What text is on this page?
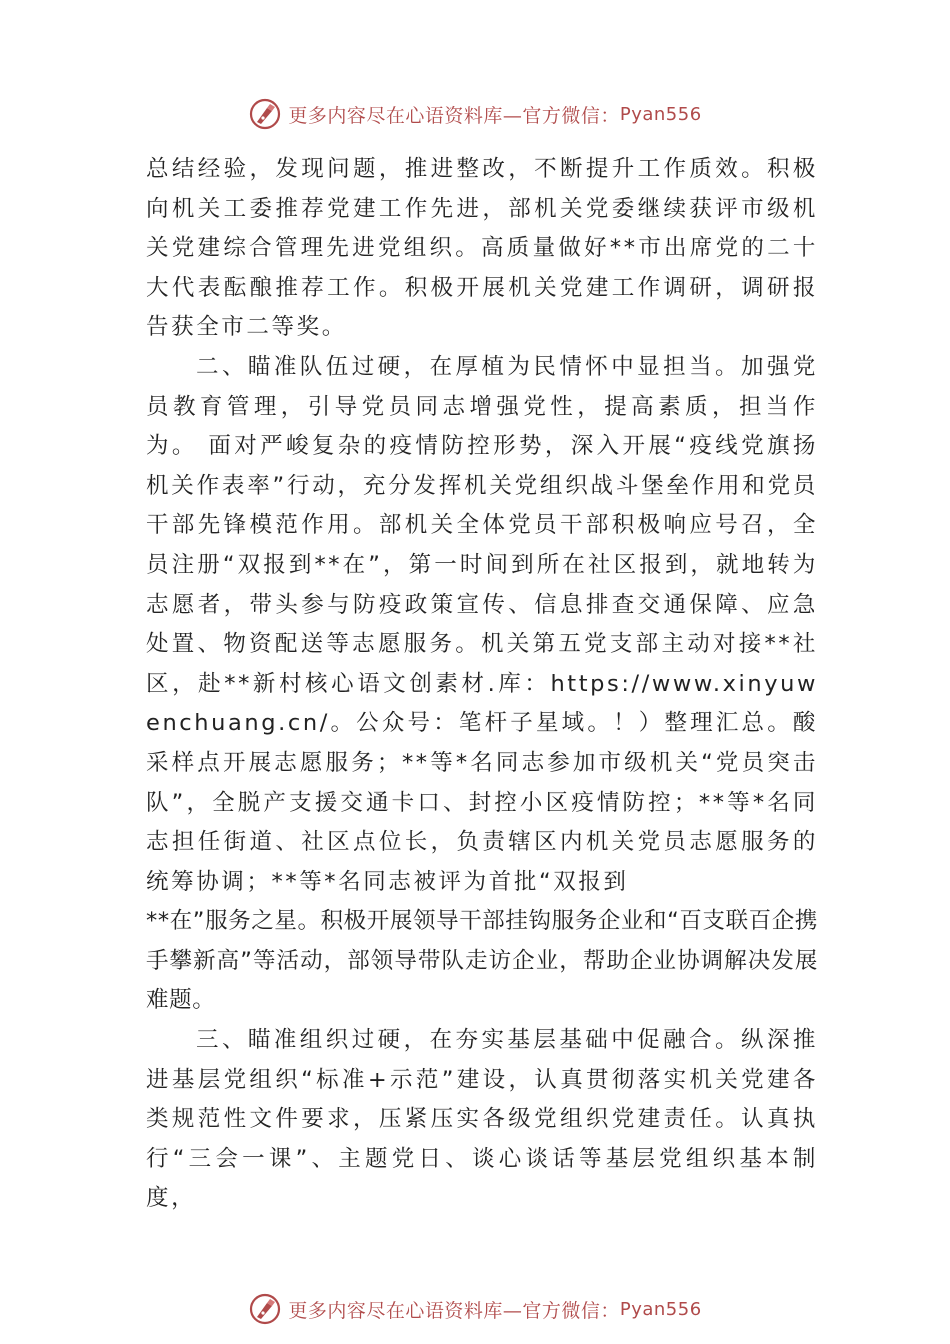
更多内容尽在心语资料库—官方微信： Pyan556

总结经验，发现问题，推进整改，不断提升工作质效。积极向机关工委推荐党建工作先进，部机关党委继续获评市级机关党建综合管理先进党组织。高质量做好**市出席党的二十大代表酝酿推荐工作。积极开展机关党建工作调研，调研报告获全市二等奖。

二、瞄准队伍过硬，在厚植为民情怀中显担当。加强党员教育管理，引导党员同志增强党性，提高素质，担当作为。 面对严峻复杂的疫情防控形势，深入开展“疫线党旗扬机关作表率”行动，充分发挥机关党组织战斗堡垒作用和党员干部先锋模范作用。部机关全体党员干部积极响应号召，全员注册“双报到**在”，第一时间到所在社区报到，就地转为志愿者，带头参与防疫政策宣传、信息排查交通保障、应急处置、物资配送等志愿服务。机关第五党支部主动对接**社区，赴**新村核心语文创素材.库：https://www.xinyuwenchuang.cn/。公众号：笔杆子星域。！）整理汇总。酸采样点开展志愿服务；**等*名同志参加市级机关“党员突击队”，全脱产支援交通卡口、封控小区疫情防控；**等*名同志担任街道、社区点位长，负责辖区内机关党员志愿服务的统筹协调；**等*名同志被评为首批“双报到

**在”服务之星。积极开展领导干部挂钩服务企业和“百支联百企携手攀新高”等活动，部领导带队走访企业，帮助企业协调解决发展难题。

三、瞄准组织过硬，在夯实基层基础中促融合。纵深推进基层党组织“标准+示范”建设，认真贯彻落实机关党建各类规范性文件要求，压紧压实各级党组织党建责任。认真执行“三会一课”、主题党日、谈心谈话等基层党组织基本制度，

更多内容尽在心语资料库—官方微信： Pyan556
